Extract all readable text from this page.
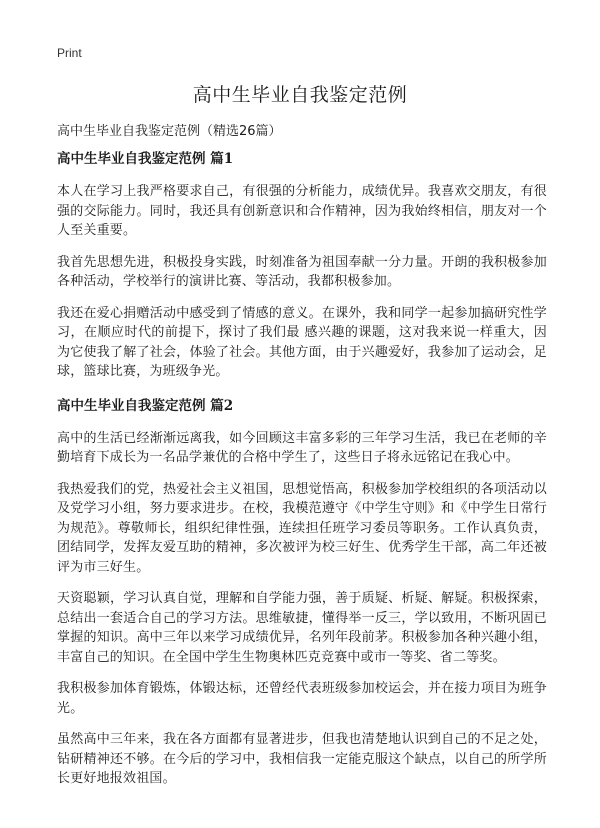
Print
高中生毕业自我鉴定范例

高中生毕业自我鉴定范例（精选26篇）

高中生毕业自我鉴定范例 篇1

本人在学习上我严格要求自己，有很强的分析能力，成绩优异。我喜欢交朋友，有很强的交际能力。同时，我还具有创新意识和合作精神，因为我始终相信，朋友对一个人至关重要。

我首先思想先进，积极投身实践，时刻准备为祖国奉献一分力量。开朗的我积极参加各种活动，学校举行的演讲比赛、等活动，我都积极参加。

我还在爱心捐赠活动中感受到了情感的意义。在课外，我和同学一起参加搞研究性学习，在顺应时代的前提下，探讨了我们最 感兴趣的课题，这对我来说一样重大，因为它使我了解了社会，体验了社会。其他方面，由于兴趣爱好，我参加了运动会，足球，篮球比赛，为班级争光。

高中生毕业自我鉴定范例 篇2

高中的生活已经渐渐远离我，如今回顾这丰富多彩的三年学习生活，我已在老师的辛勤培育下成长为一名品学兼优的合格中学生了，这些日子将永远铭记在我心中。

我热爱我们的党，热爱社会主义祖国，思想觉悟高，积极参加学校组织的各项活动以及党学习小组，努力要求进步。在校，我模范遵守《中学生守则》和《中学生日常行为规范》。尊敬师长，组织纪律性强，连续担任班学习委员等职务。工作认真负责，团结同学，发挥友爱互助的精神，多次被评为校三好生、优秀学生干部，高二年还被评为市三好生。

天资聪颖，学习认真自觉，理解和自学能力强，善于质疑、析疑、解疑。积极探索，总结出一套适合自己的学习方法。思维敏捷，懂得举一反三，学以致用，不断巩固已掌握的知识。高中三年以来学习成绩优异，名列年段前茅。积极参加各种兴趣小组，丰富自己的知识。在全国中学生生物奥林匹克竞赛中或市一等奖、省二等奖。

我积极参加体育锻炼，体锻达标，还曾经代表班级参加校运会，并在接力项目为班争光。

虽然高中三年来，我在各方面都有显著进步，但我也清楚地认识到自己的不足之处，钻研精神还不够。在今后的学习中，我相信我一定能克服这个缺点，以自己的所学所长更好地报效祖国。
